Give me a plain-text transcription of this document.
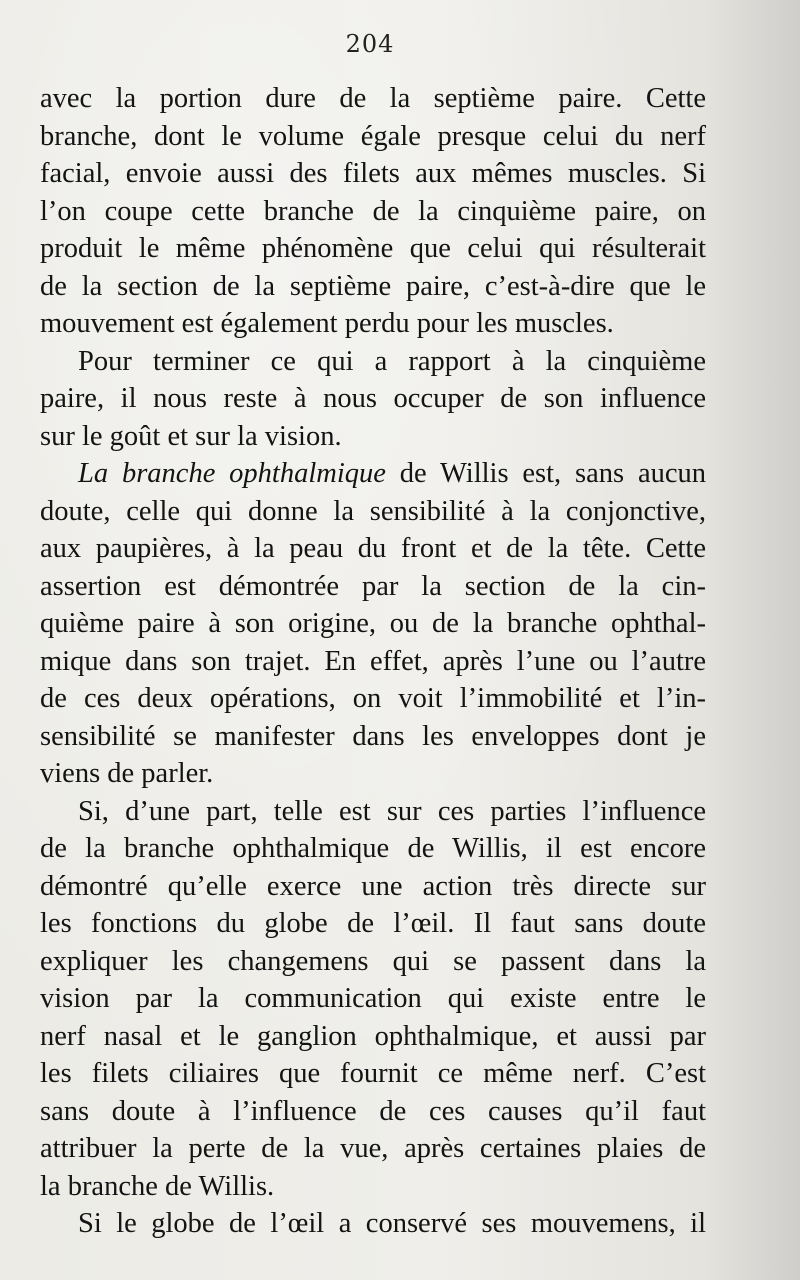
204
avec la portion dure de la septième paire. Cette
branche, dont le volume égale presque celui du nerf
facial, envoie aussi des filets aux mêmes muscles. Si
l’on coupe cette branche de la cinquième paire, on
produit le même phénomène que celui qui résulterait
de la section de la septième paire, c’est-à-dire que le
mouvement est également perdu pour les muscles.
Pour terminer ce qui a rapport à la cinquième
paire, il nous reste à nous occuper de son influence
sur le goût et sur la vision.
La branche ophthalmique de Willis est, sans aucun
doute, celle qui donne la sensibilité à la conjonctive,
aux paupières, à la peau du front et de la tête. Cette
assertion est démontrée par la section de la cin-
quième paire à son origine, ou de la branche ophthal-
mique dans son trajet. En effet, après l’une ou l’autre
de ces deux opérations, on voit l’immobilité et l’in-
sensibilité se manifester dans les enveloppes dont je
viens de parler.
Si, d’une part, telle est sur ces parties l’influence
de la branche ophthalmique de Willis, il est encore
démontré qu’elle exerce une action très directe sur
les fonctions du globe de l’œil. Il faut sans doute
expliquer les changemens qui se passent dans la
vision par la communication qui existe entre le
nerf nasal et le ganglion ophthalmique, et aussi par
les filets ciliaires que fournit ce même nerf. C’est
sans doute à l’influence de ces causes qu’il faut
attribuer la perte de la vue, après certaines plaies de
la branche de Willis.
Si le globe de l’œil a conservé ses mouvemens, il
